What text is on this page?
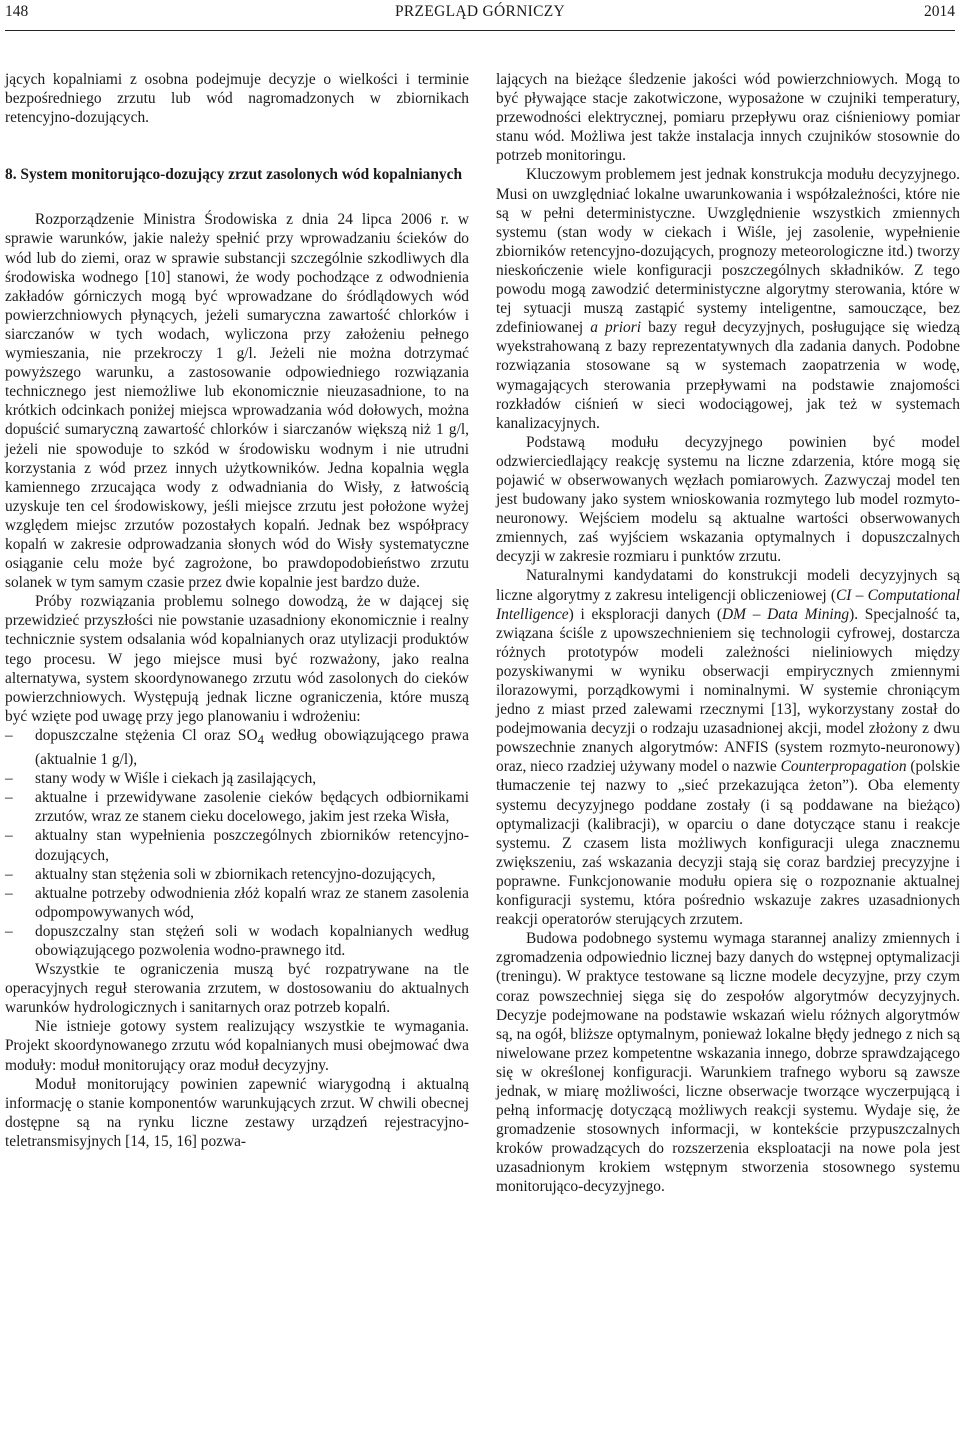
148	PRZEGLĄD GÓRNICZY	2014

jących kopalniami z osobna podejmuje decyzje o wielkości i terminie bezpośredniego zrzutu lub wód nagromadzonych w zbiornikach retencyjno-dozujących.

8. System monitorująco-dozujący zrzut zasolonych wód kopalnianych

Rozporządzenie Ministra Środowiska z dnia 24 lipca 2006 r. w sprawie warunków, jakie należy spełnić przy wprowadzaniu ścieków do wód lub do ziemi, oraz w sprawie substancji szczególnie szkodliwych dla środowiska wodnego [10] stanowi, że wody pochodzące z odwodnienia zakładów górniczych mogą być wprowadzane do śródlądowych wód powierzchniowych płynących, jeżeli sumaryczna zawartość chlorków i siarczanów w tych wodach, wyliczona przy założeniu pełnego wymieszania, nie przekroczy 1 g/l. Jeżeli nie można dotrzymać powyższego warunku, a zastosowanie odpowiedniego rozwiązania technicznego jest niemożliwe lub ekonomicznie nieuzasadnione, to na krótkich odcinkach poniżej miejsca wprowadzania wód dołowych, można dopuścić sumaryczną zawartość chlorków i siarczanów większą niż 1 g/l, jeżeli nie spowoduje to szkód w środowisku wodnym i nie utrudni korzystania z wód przez innych użytkowników. Jedna kopalnia węgla kamiennego zrzucająca wody z odwadniania do Wisły, z łatwością uzyskuje ten cel środowiskowy, jeśli miejsce zrzutu jest położone wyżej względem miejsc zrzutów pozostałych kopalń. Jednak bez współpracy kopalń w zakresie odprowadzania słonych wód do Wisły systematyczne osiąganie celu może być zagrożone, bo prawdopodobieństwo zrzutu solanek w tym samym czasie przez dwie kopalnie jest bardzo duże.

Próby rozwiązania problemu solnego dowodzą, że w dającej się przewidzieć przyszłości nie powstanie uzasadniony ekonomicznie i realny technicznie system odsalania wód kopalnianych oraz utylizacji produktów tego procesu. W jego miejsce musi być rozważony, jako realna alternatywa, system skoordynowanego zrzutu wód zasolonych do cieków powierzchniowych. Występują jednak liczne ograniczenia, które muszą być wzięte pod uwagę przy jego planowaniu i wdrożeniu:

– dopuszczalne stężenia Cl oraz $SO_4$ według obowiązującego prawa (aktualnie 1 g/l),
– stany wody w Wiśle i ciekach ją zasilających,
– aktualne i przewidywane zasolenie cieków będących odbiornikami zrzutów, wraz ze stanem cieku docelowego, jakim jest rzeka Wisła,
– aktualny stan wypełnienia poszczególnych zbiorników retencyjno-dozujących,
– aktualny stan stężenia soli w zbiornikach retencyjno-dozujących,
– aktualne potrzeby odwodnienia złóż kopalń wraz ze stanem zasolenia odpompowywanych wód,
– dopuszczalny stan stężeń soli w wodach kopalnianych według obowiązującego pozwolenia wodno-prawnego itd.

Wszystkie te ograniczenia muszą być rozpatrywane na tle operacyjnych reguł sterowania zrzutem, w dostosowaniu do aktualnych warunków hydrologicznych i sanitarnych oraz potrzeb kopalń.

Nie istnieje gotowy system realizujący wszystkie te wymagania. Projekt skoordynowanego zrzutu wód kopalnianych musi obejmować dwa moduły: moduł monitorujący oraz moduł decyzyjny.

Moduł monitorujący powinien zapewnić wiarygodną i aktualną informację o stanie komponentów warunkujących zrzut. W chwili obecnej dostępne są na rynku liczne zestawy urządzeń rejestracyjno-teletransmisyjnych [14, 15, 16] pozwa-

lających na bieżące śledzenie jakości wód powierzchniowych. Mogą to być pływające stacje zakotwiczone, wyposażone w czujniki temperatury, przewodności elektrycznej, pomiaru przepływu oraz ciśnieniowy pomiar stanu wód. Możliwa jest także instalacja innych czujników stosownie do potrzeb monitoringu.

Kluczowym problemem jest jednak konstrukcja modułu decyzyjnego. Musi on uwzględniać lokalne uwarunkowania i współzależności, które nie są w pełni deterministyczne. Uwzględnienie wszystkich zmiennych systemu (stan wody w ciekach i Wiśle, jej zasolenie, wypełnienie zbiorników retencyjno-dozujących, prognozy meteorologiczne itd.) tworzy nieskończenie wiele konfiguracji poszczególnych składników. Z tego powodu mogą zawodzić deterministyczne algorytmy sterowania, które w tej sytuacji muszą zastąpić systemy inteligentne, samouczące, bez zdefiniowanej a priori bazy reguł decyzyjnych, posługujące się wiedzą wyekstrahowaną z bazy reprezentatywnych dla zadania danych. Podobne rozwiązania stosowane są w systemach zaopatrzenia w wodę, wymagających sterowania przepływami na podstawie znajomości rozkładów ciśnień w sieci wodociągowej, jak też w systemach kanalizacyjnych.

Podstawą modułu decyzyjnego powinien być model odzwierciedlający reakcję systemu na liczne zdarzenia, które mogą się pojawić w obserwowanych węzłach pomiarowych. Zazwyczaj model ten jest budowany jako system wnioskowania rozmytego lub model rozmyto-neuronowy. Wejściem modelu są aktualne wartości obserwowanych zmiennych, zaś wyjściem wskazania optymalnych i dopuszczalnych decyzji w zakresie rozmiaru i punktów zrzutu.

Naturalnymi kandydatami do konstrukcji modeli decyzyjnych są liczne algorytmy z zakresu inteligencji obliczeniowej (CI – Computational Intelligence) i eksploracji danych (DM – Data Mining). Specjalność ta, związana ściśle z upowszechnieniem się technologii cyfrowej, dostarcza różnych prototypów modeli zależności nieliniowych między pozyskiwanymi w wyniku obserwacji empirycznych zmiennymi ilorazowymi, porządkowymi i nominalnymi. W systemie chroniącym jedno z miast przed zalewami rzecznymi [13], wykorzystany został do podejmowania decyzji o rodzaju uzasadnionej akcji, model złożony z dwu powszechnie znanych algorytmów: ANFIS (system rozmyto-neuronowy) oraz, nieco rzadziej używany model o nazwie Counterpropagation (polskie tłumaczenie tej nazwy to „sieć przekazująca żeton”). Oba elementy systemu decyzyjnego poddane zostały (i są poddawane na bieżąco) optymalizacji (kalibracji), w oparciu o dane dotyczące stanu i reakcje systemu. Z czasem lista możliwych konfiguracji ulega znacznemu zwiększeniu, zaś wskazania decyzji stają się coraz bardziej precyzyjne i poprawne. Funkcjonowanie modułu opiera się o rozpoznanie aktualnej konfiguracji systemu, która pośrednio wskazuje zakres uzasadnionych reakcji operatorów sterujących zrzutem.

Budowa podobnego systemu wymaga starannej analizy zmiennych i zgromadzenia odpowiednio licznej bazy danych do wstępnej optymalizacji (treningu). W praktyce testowane są liczne modele decyzyjne, przy czym coraz powszechniej sięga się do zespołów algorytmów decyzyjnych. Decyzje podejmowane na podstawie wskazań wielu różnych algorytmów są, na ogół, bliższe optymalnym, ponieważ lokalne błędy jednego z nich są niwelowane przez kompetentne wskazania innego, dobrze sprawdzającego się w określonej konfiguracji. Warunkiem trafnego wyboru są zawsze jednak, w miarę możliwości, liczne obserwacje tworzące wyczerpującą i pełną informację dotyczącą możliwych reakcji systemu. Wydaje się, że gromadzenie stosownych informacji, w kontekście przypuszczalnych kroków prowadzących do rozszerzenia eksploatacji na nowe pola jest uzasadnionym krokiem wstępnym stworzenia stosownego systemu monitorująco-decyzyjnego.
